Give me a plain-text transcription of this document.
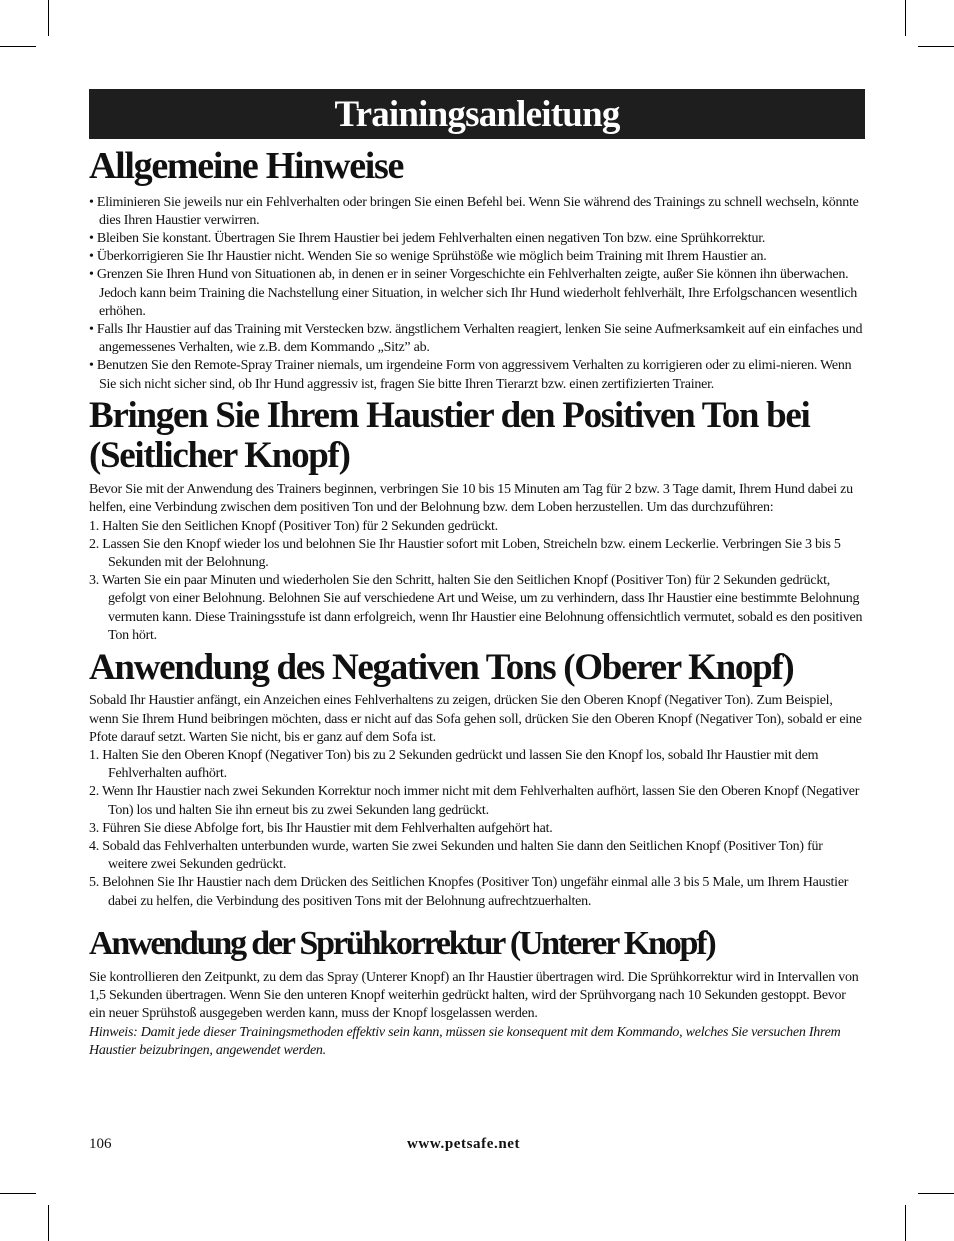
Trainingsanleitung
Allgemeine Hinweise

• Eliminieren Sie jeweils nur ein Fehlverhalten oder bringen Sie einen Befehl bei. Wenn Sie während des Trainings zu schnell wechseln, könnte dies Ihren Haustier verwirren.

• Bleiben Sie konstant. Übertragen Sie Ihrem Haustier bei jedem Fehlverhalten einen negativen Ton bzw. eine Sprühkorrektur.

• Überkorrigieren Sie Ihr Haustier nicht. Wenden Sie so wenige Sprühstöße wie möglich beim Training mit Ihrem Haustier an.

• Grenzen Sie Ihren Hund von Situationen ab, in denen er in seiner Vorgeschichte ein Fehlverhalten zeigte, außer Sie können ihn überwachen. Jedoch kann beim Training die Nachstellung einer Situation, in welcher sich Ihr Hund wiederholt fehlverhält, Ihre Erfolgschancen wesentlich erhöhen.

• Falls Ihr Haustier auf das Training mit Verstecken bzw. ängstlichem Verhalten reagiert, lenken Sie seine Aufmerksamkeit auf ein einfaches und angemessenes Verhalten, wie z.B. dem Kommando „Sitz” ab.

• Benutzen Sie den Remote-Spray Trainer niemals, um irgendeine Form von aggressivem Verhalten zu korrigieren oder zu elimi-nieren. Wenn Sie sich nicht sicher sind, ob Ihr Hund aggressiv ist, fragen Sie bitte Ihren Tierarzt bzw. einen zertifizierten Trainer.

Bringen Sie Ihrem Haustier den Positiven Ton bei (Seitlicher Knopf)

Bevor Sie mit der Anwendung des Trainers beginnen, verbringen Sie 10 bis 15 Minuten am Tag für 2 bzw. 3 Tage damit, Ihrem Hund dabei zu helfen, eine Verbindung zwischen dem positiven Ton und der Belohnung bzw. dem Loben herzustellen. Um das durchzuführen:

1. Halten Sie den Seitlichen Knopf (Positiver Ton) für 2 Sekunden gedrückt.

2. Lassen Sie den Knopf wieder los und belohnen Sie Ihr Haustier sofort mit Loben, Streicheln bzw. einem Leckerlie. Verbringen Sie 3 bis 5 Sekunden mit der Belohnung.

3. Warten Sie ein paar Minuten und wiederholen Sie den Schritt, halten Sie den Seitlichen Knopf (Positiver Ton) für 2 Sekunden gedrückt, gefolgt von einer Belohnung. Belohnen Sie auf verschiedene Art und Weise, um zu verhindern, dass Ihr Haustier eine bestimmte Belohnung vermuten kann. Diese Trainingsstufe ist dann erfolgreich, wenn Ihr Haustier eine Belohnung offensichtlich vermutet, sobald es den positiven Ton hört.

Anwendung des Negativen Tons (Oberer Knopf)

Sobald Ihr Haustier anfängt, ein Anzeichen eines Fehlverhaltens zu zeigen, drücken Sie den Oberen Knopf (Negativer Ton). Zum Beispiel, wenn Sie Ihrem Hund beibringen möchten, dass er nicht auf das Sofa gehen soll, drücken Sie den Oberen Knopf (Negativer Ton), sobald er eine Pfote darauf setzt. Warten Sie nicht, bis er ganz auf dem Sofa ist.

1. Halten Sie den Oberen Knopf (Negativer Ton) bis zu 2 Sekunden gedrückt und lassen Sie den Knopf los, sobald Ihr Haustier mit dem Fehlverhalten aufhört.

2. Wenn Ihr Haustier nach zwei Sekunden Korrektur noch immer nicht mit dem Fehlverhalten aufhört, lassen Sie den Oberen Knopf (Negativer Ton) los und halten Sie ihn erneut bis zu zwei Sekunden lang gedrückt.

3. Führen Sie diese Abfolge fort, bis Ihr Haustier mit dem Fehlverhalten aufgehört hat.

4. Sobald das Fehlverhalten unterbunden wurde, warten Sie zwei Sekunden und halten Sie dann den Seitlichen Knopf (Positiver Ton) für weitere zwei Sekunden gedrückt.

5. Belohnen Sie Ihr Haustier nach dem Drücken des Seitlichen Knopfes (Positiver Ton) ungefähr einmal alle 3 bis 5 Male, um Ihrem Haustier dabei zu helfen, die Verbindung des positiven Tons mit der Belohnung aufrechtzuerhalten.

Anwendung der Sprühkorrektur (Unterer Knopf)

Sie kontrollieren den Zeitpunkt, zu dem das Spray (Unterer Knopf) an Ihr Haustier übertragen wird. Die Sprühkorrektur wird in Intervallen von 1,5 Sekunden übertragen. Wenn Sie den unteren Knopf weiterhin gedrückt halten, wird der Sprühvorgang nach 10 Sekunden gestoppt. Bevor ein neuer Sprühstoß ausgegeben werden kann, muss der Knopf losgelassen werden.

Hinweis: Damit jede dieser Trainingsmethoden effektiv sein kann, müssen sie konsequent mit dem Kommando, welches Sie versuchen Ihrem Haustier beizubringen, angewendet werden.

106	www.petsafe.net
